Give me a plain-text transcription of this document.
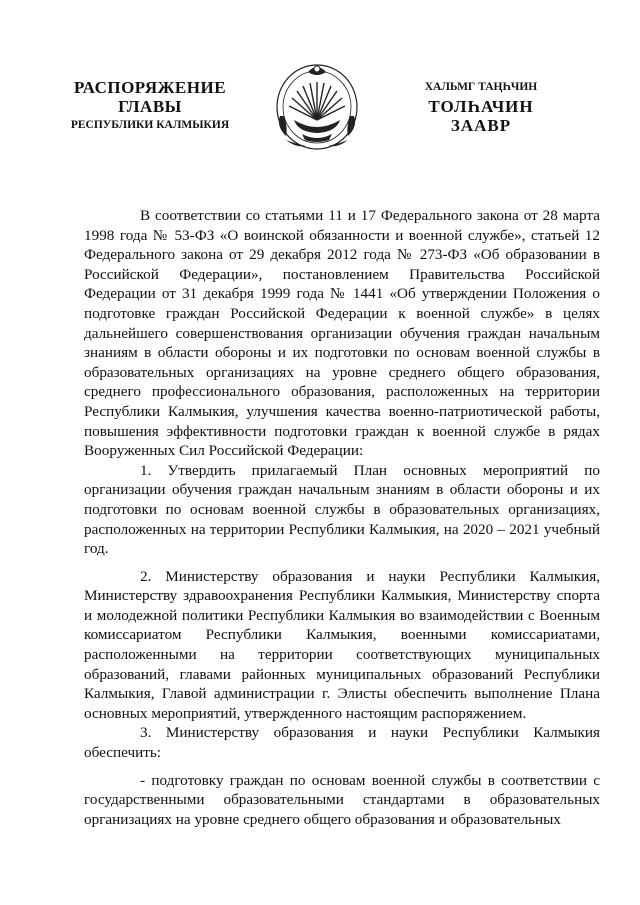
РАСПОРЯЖЕНИЕ
ГЛАВЫ
РЕСПУБЛИКИ КАЛМЫКИЯ
ХАЛЬМГ ТАҢҺЧИН
ТОЛҺАЧИН
ЗААВР

В соответствии со статьями 11 и 17 Федерального закона от 28 марта 1998 года № 53-ФЗ «О воинской обязанности и военной службе», статьей 12 Федерального закона от 29 декабря 2012 года № 273-ФЗ «Об образовании в Российской Федерации», постановлением Правительства Российской Федерации от 31 декабря 1999 года № 1441 «Об утверждении Положения о подготовке граждан Российской Федерации к военной службе» в целях дальнейшего совершенствования организации обучения граждан начальным знаниям в области обороны и их подготовки по основам военной службы в образовательных организациях на уровне среднего общего образования, среднего профессионального образования, расположенных на территории Республики Калмыкия, улучшения качества военно-патриотической работы, повышения эффективности подготовки граждан к военной службе в рядах Вооруженных Сил Российской Федерации:

1. Утвердить прилагаемый План основных мероприятий по организации обучения граждан начальным знаниям в области обороны и их подготовки по основам военной службы в образовательных организациях, расположенных на территории Республики Калмыкия, на 2020 – 2021 учебный год.

2. Министерству образования и науки Республики Калмыкия, Министерству здравоохранения Республики Калмыкия, Министерству спорта и молодежной политики Республики Калмыкия во взаимодействии с Военным комиссариатом Республики Калмыкия, военными комиссариатами, расположенными на территории соответствующих муниципальных образований, главами районных муниципальных образований Республики Калмыкия, Главой администрации г. Элисты обеспечить выполнение Плана основных мероприятий, утвержденного настоящим распоряжением.

3. Министерству образования и науки Республики Калмыкия обеспечить:

- подготовку граждан по основам военной службы в соответствии с государственными образовательными стандартами в образовательных организациях на уровне среднего общего образования и образовательных
